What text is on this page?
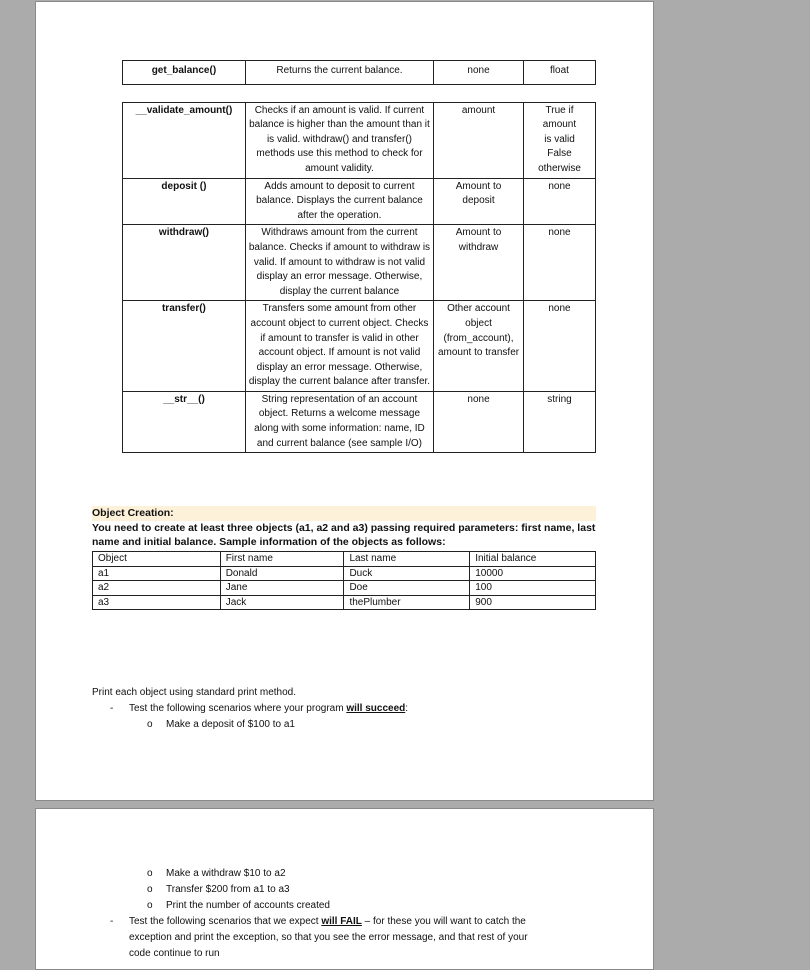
get_balance()	Returns the current balance.	none	float

__validate_amount()	Checks if an amount is valid. If current balance is higher than the amount than it is valid. withdraw() and transfer() methods use this method to check for amount validity.	amount	True if amount is valid False otherwise
deposit ()	Adds amount to deposit to current balance. Displays the current balance after the operation.	Amount to deposit	none
withdraw()	Withdraws amount from the current balance. Checks if amount to withdraw is valid. If amount to withdraw is not valid display an error message. Otherwise, display the current balance	Amount to withdraw	none
transfer()	Transfers some amount from other account object to current object. Checks if amount to transfer is valid in other account object. If amount is not valid display an error message. Otherwise, display the current balance after transfer.	Other account object (from_account), amount to transfer	none
__str__()	String representation of an account object. Returns a welcome message along with some information: name, ID and current balance (see sample I/O)	none	string
Object Creation:
You need to create at least three objects (a1, a2 and a3) passing required parameters: first name, last name and initial balance. Sample information of the objects as follows:
Object	First name	Last name	Initial balance
a1	Donald	Duck	10000
a2	Jane	Doe	100
a3	Jack	thePlumber	900
Print each object using standard print method.
- Test the following scenarios where your program will succeed:
o Make a deposit of $100 to a1
o Make a withdraw $10 to a2
o Transfer $200 from a1 to a3
o Print the number of accounts created
- Test the following scenarios that we expect will FAIL – for these you will want to catch the
exception and print the exception, so that you see the error message, and that rest of your
code continue to run
